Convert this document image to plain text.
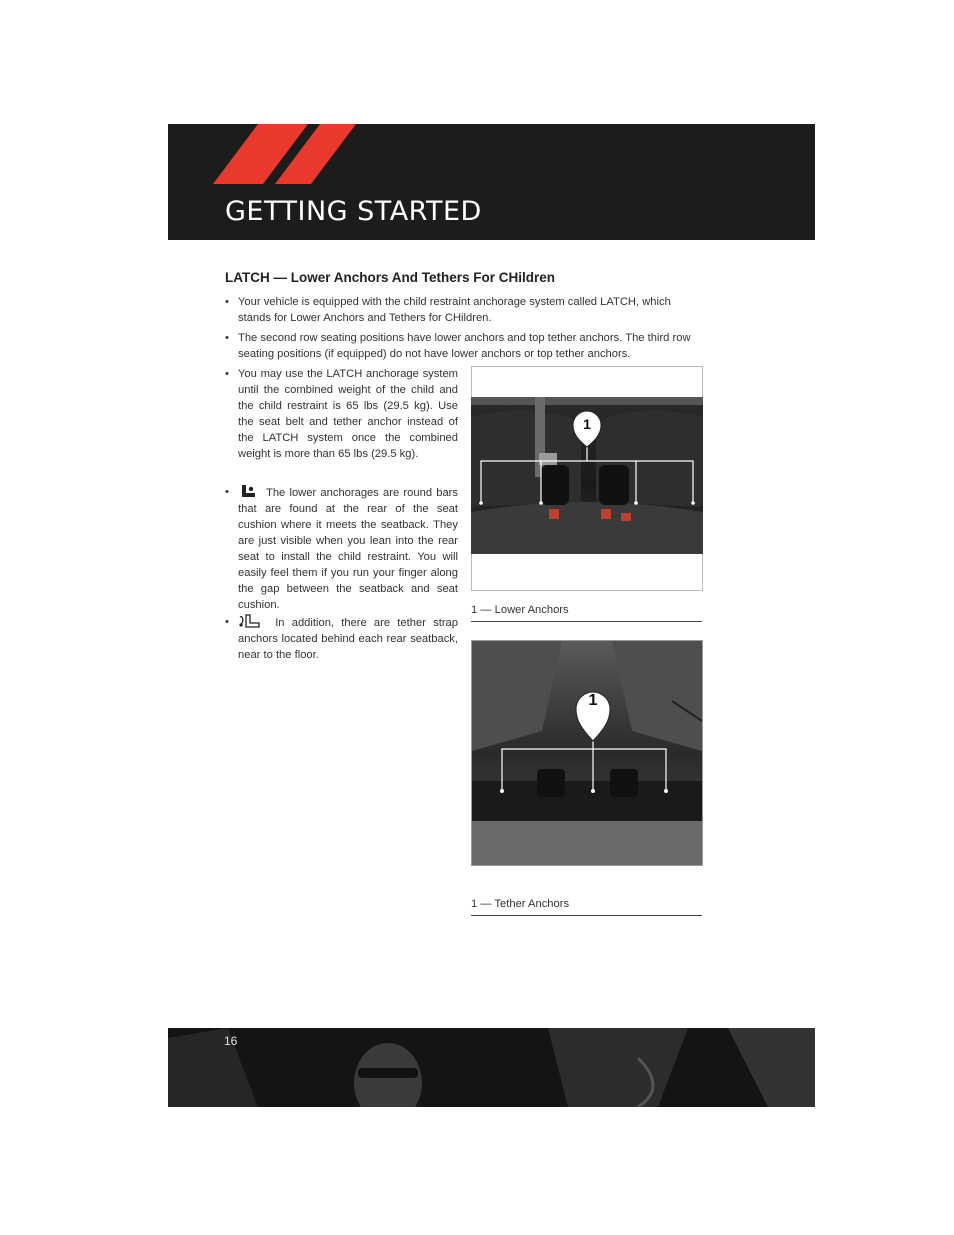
GETTING STARTED
LATCH — Lower Anchors And Tethers For CHildren
• Your vehicle is equipped with the child restraint anchorage system called LATCH, which stands for Lower Anchors and Tethers for CHildren.
• The second row seating positions have lower anchors and top tether anchors. The third row seating positions (if equipped) do not have lower anchors or top tether anchors.
• You may use the LATCH anchorage system until the combined weight of the child and the child restraint is 65 lbs (29.5 kg). Use the seat belt and tether anchor instead of the LATCH system once the combined weight is more than 65 lbs (29.5 kg).
•	The lower anchorages are round bars that are found at the rear of the seat cushion where it meets the seatback. They are just visible when you lean into the rear seat to install the child restraint. You will easily feel them if you run your finger along the gap between the seatback and seat cushion.
•	In addition, there are tether strap anchors located behind each rear seatback, near to the floor.
1
1 — Lower Anchors
1
1 — Tether Anchors
16
